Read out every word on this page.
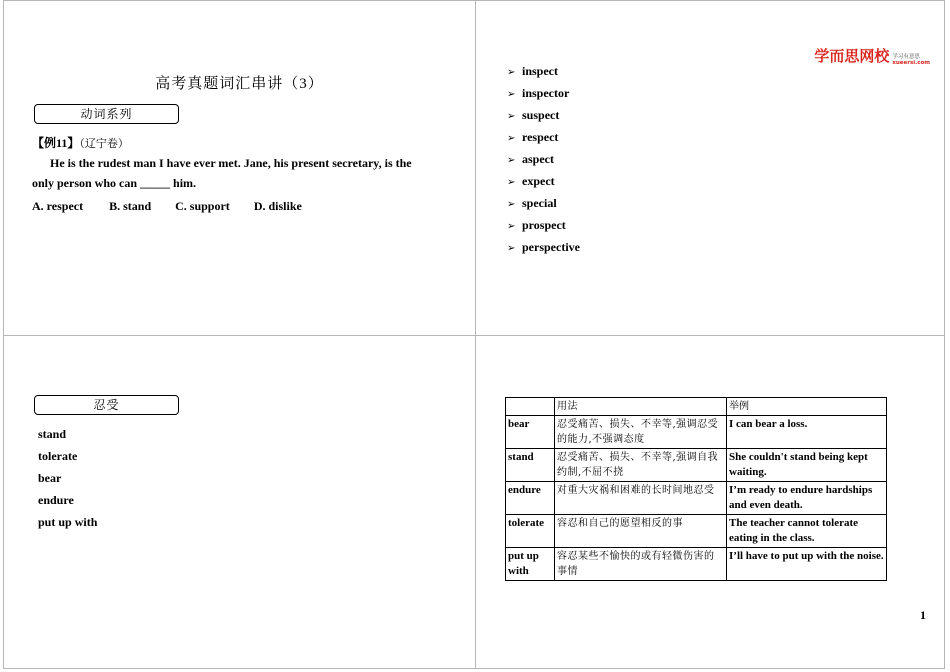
高考真题词汇串讲（3）
动词系列
【例11】（辽宁卷）
He is the rudest man I have ever met. Jane, his present secretary, is the
only person who can _____ him.
A. respect B. stand C. support D. dislike
学而思网校 学习有意思
xueersi.com
➢ inspect
➢ inspector
➢ suspect
➢ respect
➢ aspect
➢ expect
➢ special
➢ prospect
➢ perspective
忍受
stand
tolerate
bear
endure
put up with
	用法	举例
bear	忍受痛苦、损失、不幸等,强调忍受的能力,不强调态度	I can bear a loss.
stand	忍受痛苦、损失、不幸等,强调自我约制,不屈不挠	She couldn't stand being kept waiting.
endure	对重大灾祸和困难的长时间地忍受	I’m ready to endure hardships and even death.
tolerate	容忍和自己的愿望相反的事	The teacher cannot tolerate eating in the class.
put up with	容忍某些不愉快的或有轻微伤害的事情	I’ll have to put up with the noise.
1
